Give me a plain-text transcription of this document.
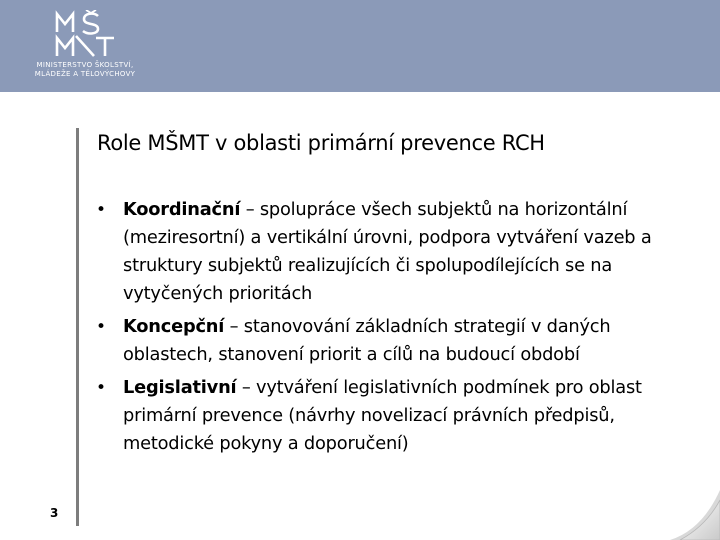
MINISTERSTVO ŠKOLSTVÍ,
MLÁDEŽE A TĚLOVÝCHOVY
Role MŠMT v oblasti primární prevence RCH
• Koordinační – spolupráce všech subjektů na horizontální (meziresortní) a vertikální úrovni, podpora vytváření vazeb a struktury subjektů realizujících či spolupodílejících se na vytyčených prioritách
• Koncepční – stanovování základních strategií v daných oblastech, stanovení priorit a cílů na budoucí období
• Legislativní – vytváření legislativních podmínek pro oblast primární prevence (návrhy novelizací právních předpisů, metodické pokyny a doporučení)
3
